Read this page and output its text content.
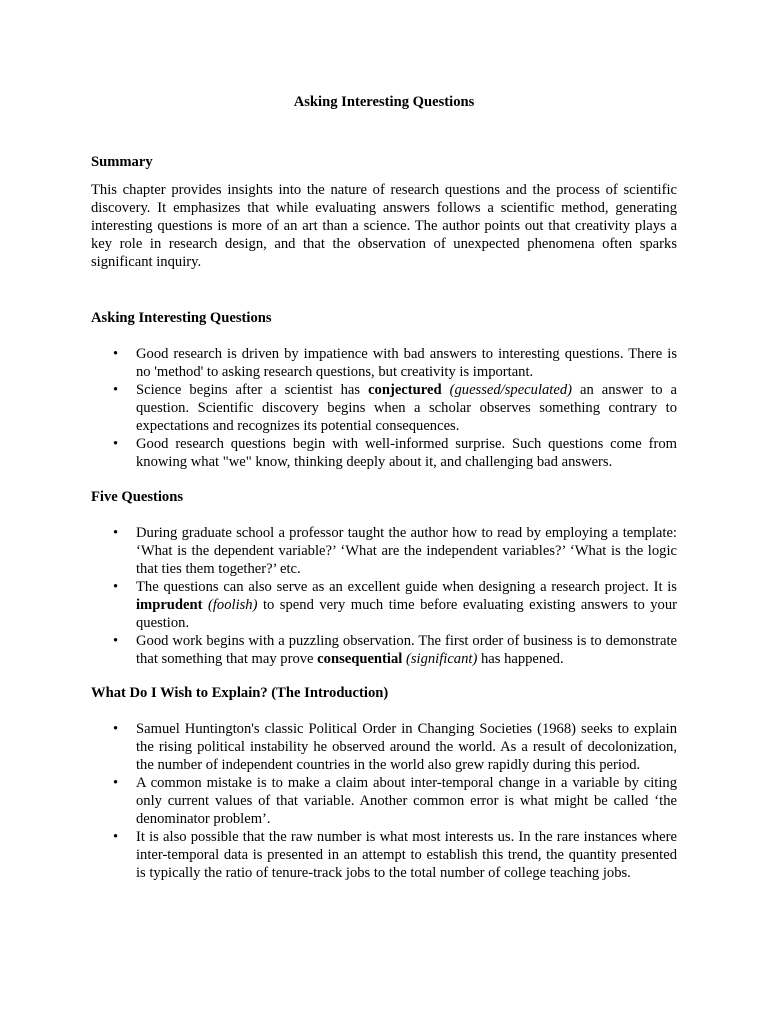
Asking Interesting Questions
Summary

This chapter provides insights into the nature of research questions and the process of scientific discovery. It emphasizes that while evaluating answers follows a scientific method, generating interesting questions is more of an art than a science. The author points out that creativity plays a key role in research design, and that the observation of unexpected phenomena often sparks significant inquiry.

Asking Interesting Questions
• Good research is driven by impatience with bad answers to interesting questions. There is no 'method' to asking research questions, but creativity is important.
• Science begins after a scientist has conjectured (guessed/speculated) an answer to a question. Scientific discovery begins when a scholar observes something contrary to expectations and recognizes its potential consequences.
• Good research questions begin with well-informed surprise. Such questions come from knowing what "we" know, thinking deeply about it, and challenging bad answers.
Five Questions
• During graduate school a professor taught the author how to read by employing a template: ‘What is the dependent variable?’ ‘What are the independent variables?’ ‘What is the logic that ties them together?’ etc.
• The questions can also serve as an excellent guide when designing a research project. It is imprudent (foolish) to spend very much time before evaluating existing answers to your question.
• Good work begins with a puzzling observation. The first order of business is to demonstrate that something that may prove consequential (significant) has happened.
What Do I Wish to Explain? (The Introduction)
• Samuel Huntington's classic Political Order in Changing Societies (1968) seeks to explain the rising political instability he observed around the world. As a result of decolonization, the number of independent countries in the world also grew rapidly during this period.
• A common mistake is to make a claim about inter-temporal change in a variable by citing only current values of that variable. Another common error is what might be called ‘the denominator problem’.
• It is also possible that the raw number is what most interests us. In the rare instances where inter-temporal data is presented in an attempt to establish this trend, the quantity presented is typically the ratio of tenure-track jobs to the total number of college teaching jobs.
